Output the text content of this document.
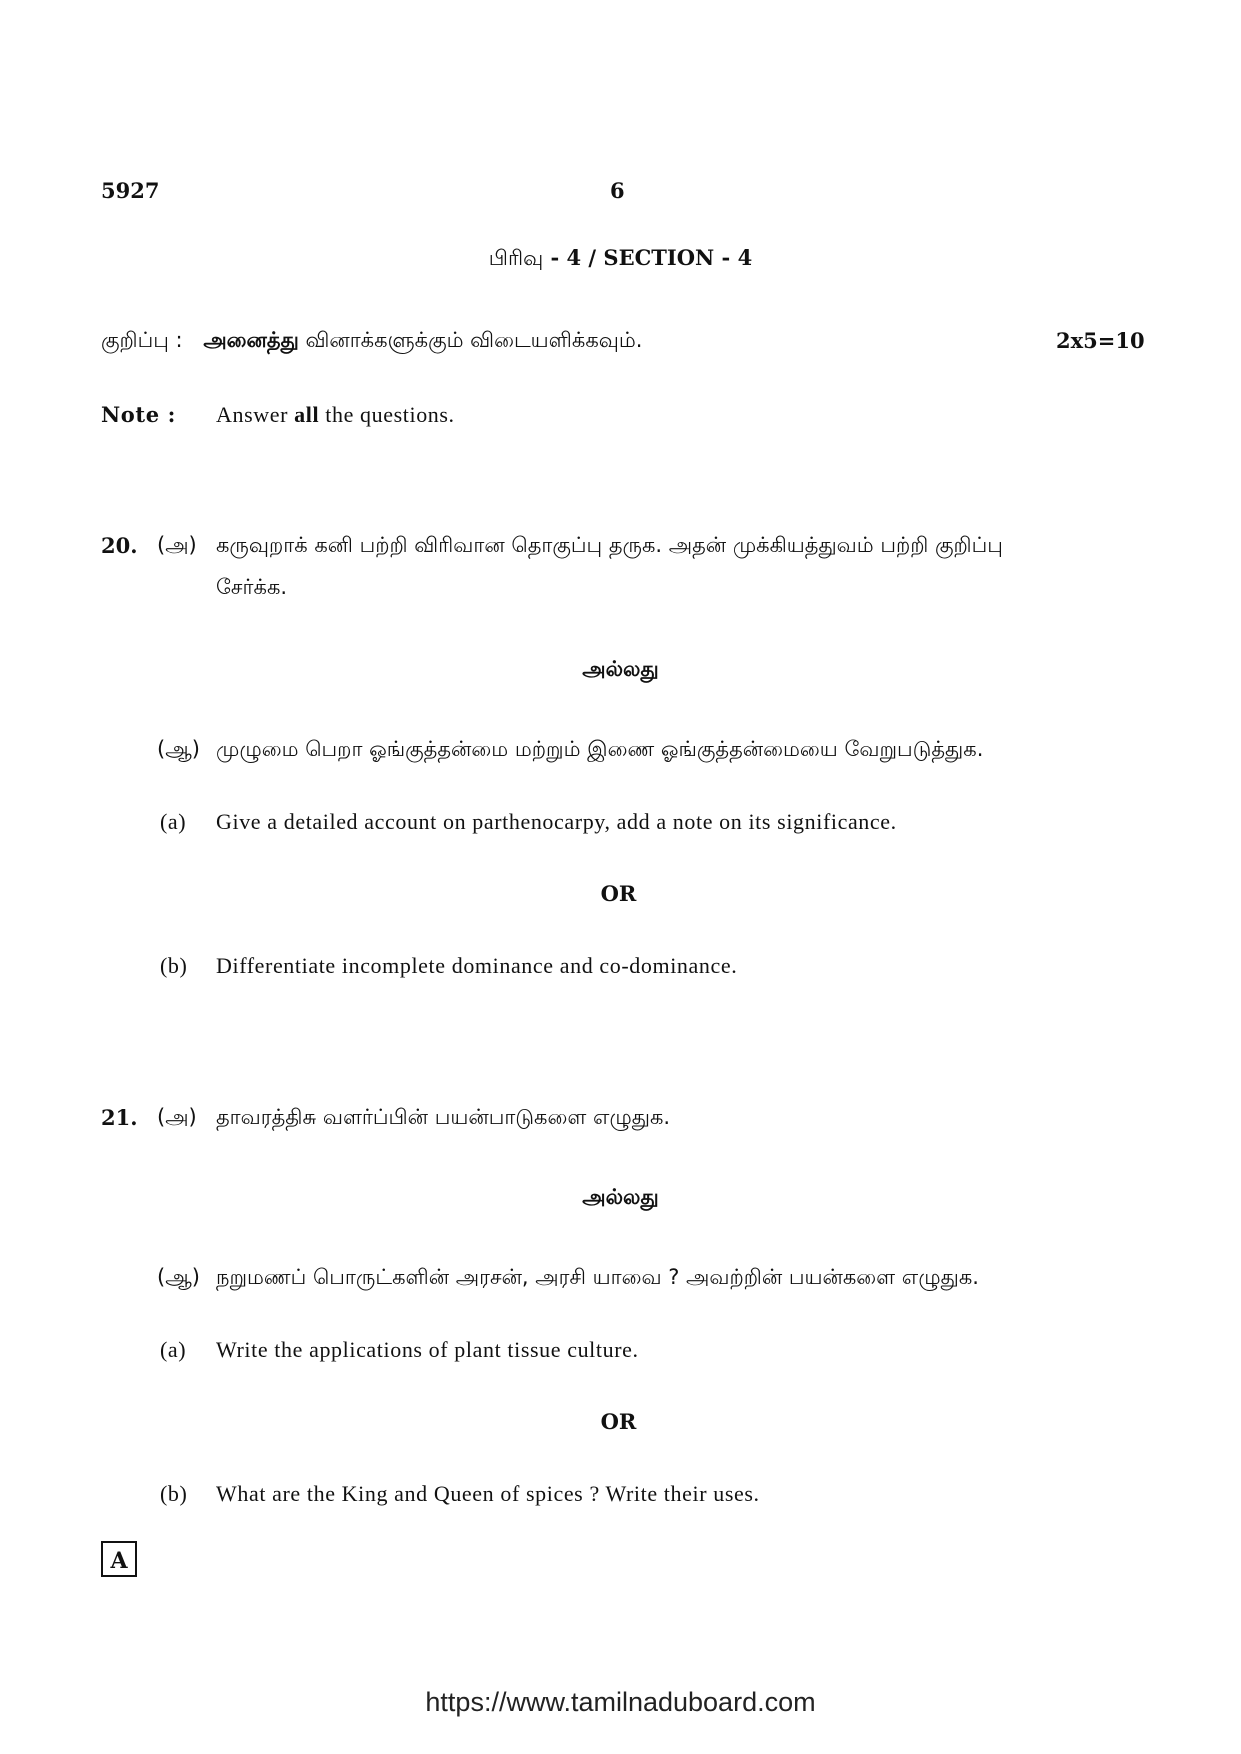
5927	6
பிரிவு - 4 / SECTION - 4
குறிப்பு : அனைத்து வினாக்களுக்கும் விடையளிக்கவும்.	2x5=10
Note : Answer all the questions.
20. (அ) கருவுறாக் கனி பற்றி விரிவான தொகுப்பு தருக. அதன் முக்கியத்துவம் பற்றி குறிப்பு
சேர்க்க.
அல்லது
(ஆ) முழுமை பெறா ஓங்குத்தன்மை மற்றும் இணை ஓங்குத்தன்மையை வேறுபடுத்துக.
(a) Give a detailed account on parthenocarpy, add a note on its significance.
OR
(b) Differentiate incomplete dominance and co-dominance.
21. (அ) தாவரத்திசு வளர்ப்பின் பயன்பாடுகளை எழுதுக.
அல்லது
(ஆ) நறுமணப் பொருட்களின் அரசன், அரசி யாவை ? அவற்றின் பயன்களை எழுதுக.
(a) Write the applications of plant tissue culture.
OR
(b) What are the King and Queen of spices ? Write their uses.
A
https://www.tamilnaduboard.com
